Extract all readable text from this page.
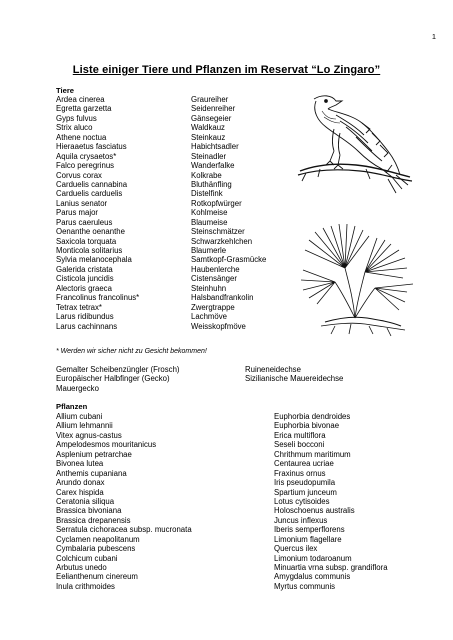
1
Liste einiger Tiere und Pflanzen im Reservat “Lo Zingaro”
Tiere
Ardea cinerea
Egretta garzetta
Gyps fulvus
Strix aluco
Athene noctua
Hieraaetus fasciatus
Aquila crysaetos*
Falco peregrinus
Corvus corax
Carduelis cannabina
Carduelis carduelis
Lanius senator
Parus major
Parus caeruleus
Oenanthe oenanthe
Saxicola torquata
Monticola solitarius
Sylvia melanocephala
Galerida cristata
Cisticola juncidis
Alectoris graeca
Francolinus francolinus*
Tetrax tetrax*
Larus ridibundus
Larus cachinnans
Graureiher
Seidenreiher
Gänsegeier
Waldkauz
Steinkauz
Habichtsadler
Steinadler
Wanderfalke
Kolkrabe
Bluthänfling
Distelfink
Rotkopfwürger
Kohlmeise
Blaumeise
Steinschmätzer
Schwarzkehlchen
Blaumerle
Samtkopf-Grasmücke
Haubenlerche
Cistensänger
Steinhuhn
Halsbandfrankolin
Zwergtrappe
Lachmöve
Weisskopfmöve
* Werden wir sicher nicht zu Gesicht bekommen!
Gemalter Scheibenzüngler (Frosch)
Europäischer Halbfinger (Gecko)
Mauergecko
Ruineneidechse
Sizilianische Mauereidechse
Pflanzen
Allium cubani
Allium lehmannii
Vitex agnus-castus
Ampelodesmos mouritanicus
Asplenium petrarchae
Bivonea lutea
Anthemis cupaniana
Arundo donax
Carex hispida
Ceratonia siliqua
Brassica bivoniana
Brassica drepanensis
Serratula cichoracea subsp. mucronata
Cyclamen neapolitanum
Cymbalaria pubescens
Colchicum cubani
Arbutus unedo
Eelianthenum cinereum
Inula crithmoides
Euphorbia dendroides
Euphorbia bivonae
Erica multiflora
Seseli bocconi
Chrithmum maritimum
Centaurea ucriae
Fraxinus ornus
Iris pseudopumila
Spartium junceum
Lotus cytisoides
Holoschoenus australis
Juncus inflexus
Iberis semperflorens
Limonium flagellare
Quercus ilex
Limonium todaroanum
Minuartia vrna subsp. grandiflora
Amygdalus communis
Myrtus communis
